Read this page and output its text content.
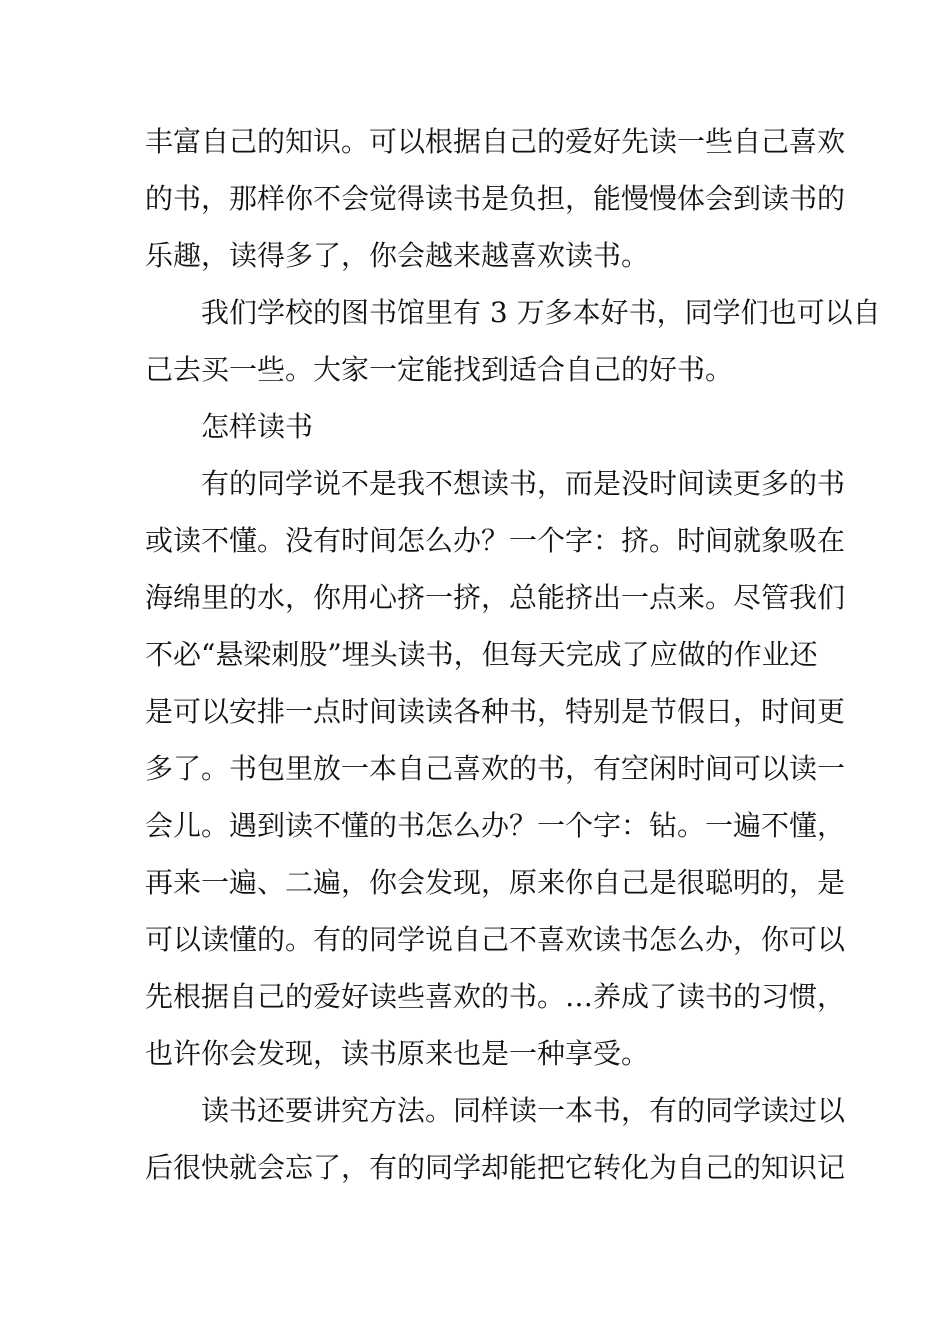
丰富自己的知识。可以根据自己的爱好先读一些自己喜欢

的书，那样你不会觉得读书是负担，能慢慢体会到读书的

乐趣，读得多了，你会越来越喜欢读书。

我们学校的图书馆里有 3 万多本好书，同学们也可以自

己去买一些。大家一定能找到适合自己的好书。

怎样读书

有的同学说不是我不想读书，而是没时间读更多的书

或读不懂。没有时间怎么办？一个字：挤。时间就象吸在

海绵里的水，你用心挤一挤，总能挤出一点来。尽管我们

不必“悬梁刺股”埋头读书，但每天完成了应做的作业还

是可以安排一点时间读读各种书，特别是节假日，时间更

多了。书包里放一本自己喜欢的书，有空闲时间可以读一

会儿。遇到读不懂的书怎么办？一个字：钻。一遍不懂，

再来一遍、二遍，你会发现，原来你自己是很聪明的，是

可以读懂的。有的同学说自己不喜欢读书怎么办，你可以

先根据自己的爱好读些喜欢的书。…养成了读书的习惯，

也许你会发现，读书原来也是一种享受。

读书还要讲究方法。同样读一本书，有的同学读过以

后很快就会忘了，有的同学却能把它转化为自己的知识记
